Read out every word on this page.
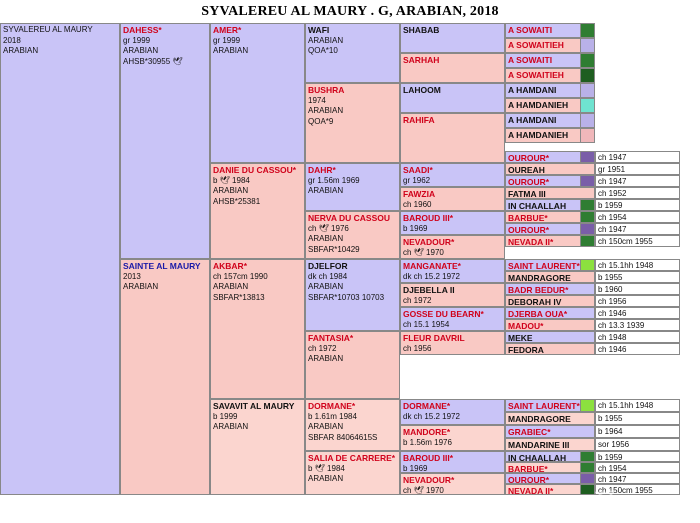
SYVALEREU AL MAURY . G, ARABIAN, 2018
SYVALEREU AL MAURY
2018
ARABIAN
DAHESS*
gr 1999
ARABIAN
AHSB*30955 🕊
SAINTE AL MAURY
2013
ARABIAN
AMER*
gr 1999
ARABIAN
DANIE DU CASSOU*
b 🕊 1984
ARABIAN
AHSB*25381
AKBAR*
ch 157cm 1990
ARABIAN
SBFAR*13813
SAVAVIT AL MAURY
b 1999
ARABIAN
WAFI
ARABIAN
QOA*10
BUSHRA
1974
ARABIAN
QOA*9
DAHR*
gr 1.56m 1969
ARABIAN
NERVA DU CASSOU
ch 🕊 1976
ARABIAN
SBFAR*10429
DJELFOR
dk ch 1984
ARABIAN
SBFAR*10703 10703
FANTASIA*
ch 1972
ARABIAN
DORMANE*
b 1.61m 1984
ARABIAN
SBFAR 84064615S
SALIA DE CARRERE*
b 🕊 1984
ARABIAN
SHABAB
SARHAH
LAHOOM
RAHIFA
SAADI*
gr 1962
FAWZIA
ch 1960
BAROUD III*
b 1969
NEVADOUR*
ch 🕊 1970
MANGANATE*
dk ch 15.2 1972
DJEBELLA II
ch 1972
GOSSE DU BEARN*
ch 15.1 1954
FLEUR DAVRIL
ch 1956
DORMANE*
dk ch 15.2 1972
MANDORE*
b 1.56m 1976
BAROUD III*
b 1969
NEVADOUR*
ch 🕊 1970
A SOWAITI
A SOWAITIEH
A SOWAITI
A SOWAITIEH
A HAMDANI
A HAMDANIEH
A HAMDANI
A HAMDANIEH
OUROUR*
OUREAH
OUROUR*
FATMA III
IN CHAALLAH
BARBUE*
OUROUR*
NEVADA II*
SAINT LAURENT*
MANDRAGORE
BADR BEDUR*
DEBORAH IV
DJERBA OUA*
MADOU*
MEKE
FEDORA
SAINT LAURENT*
MANDRAGORE
GRABIEC*
MANDARINE III
IN CHAALLAH
BARBUE*
OUROUR*
NEVADA II*
ch 1947
gr 1951
ch 1947
ch 1952
b 1959
ch 1954
ch 1947
ch 150cm 1955
ch 15.1hh 1948
b 1955
b 1960
ch 1956
ch 1946
ch 13.3 1939
ch 1948
ch 1946
ch 15.1hh 1948
b 1955
b 1964
sor 1956
b 1959
ch 1954
ch 1947
ch 150cm 1955
马
